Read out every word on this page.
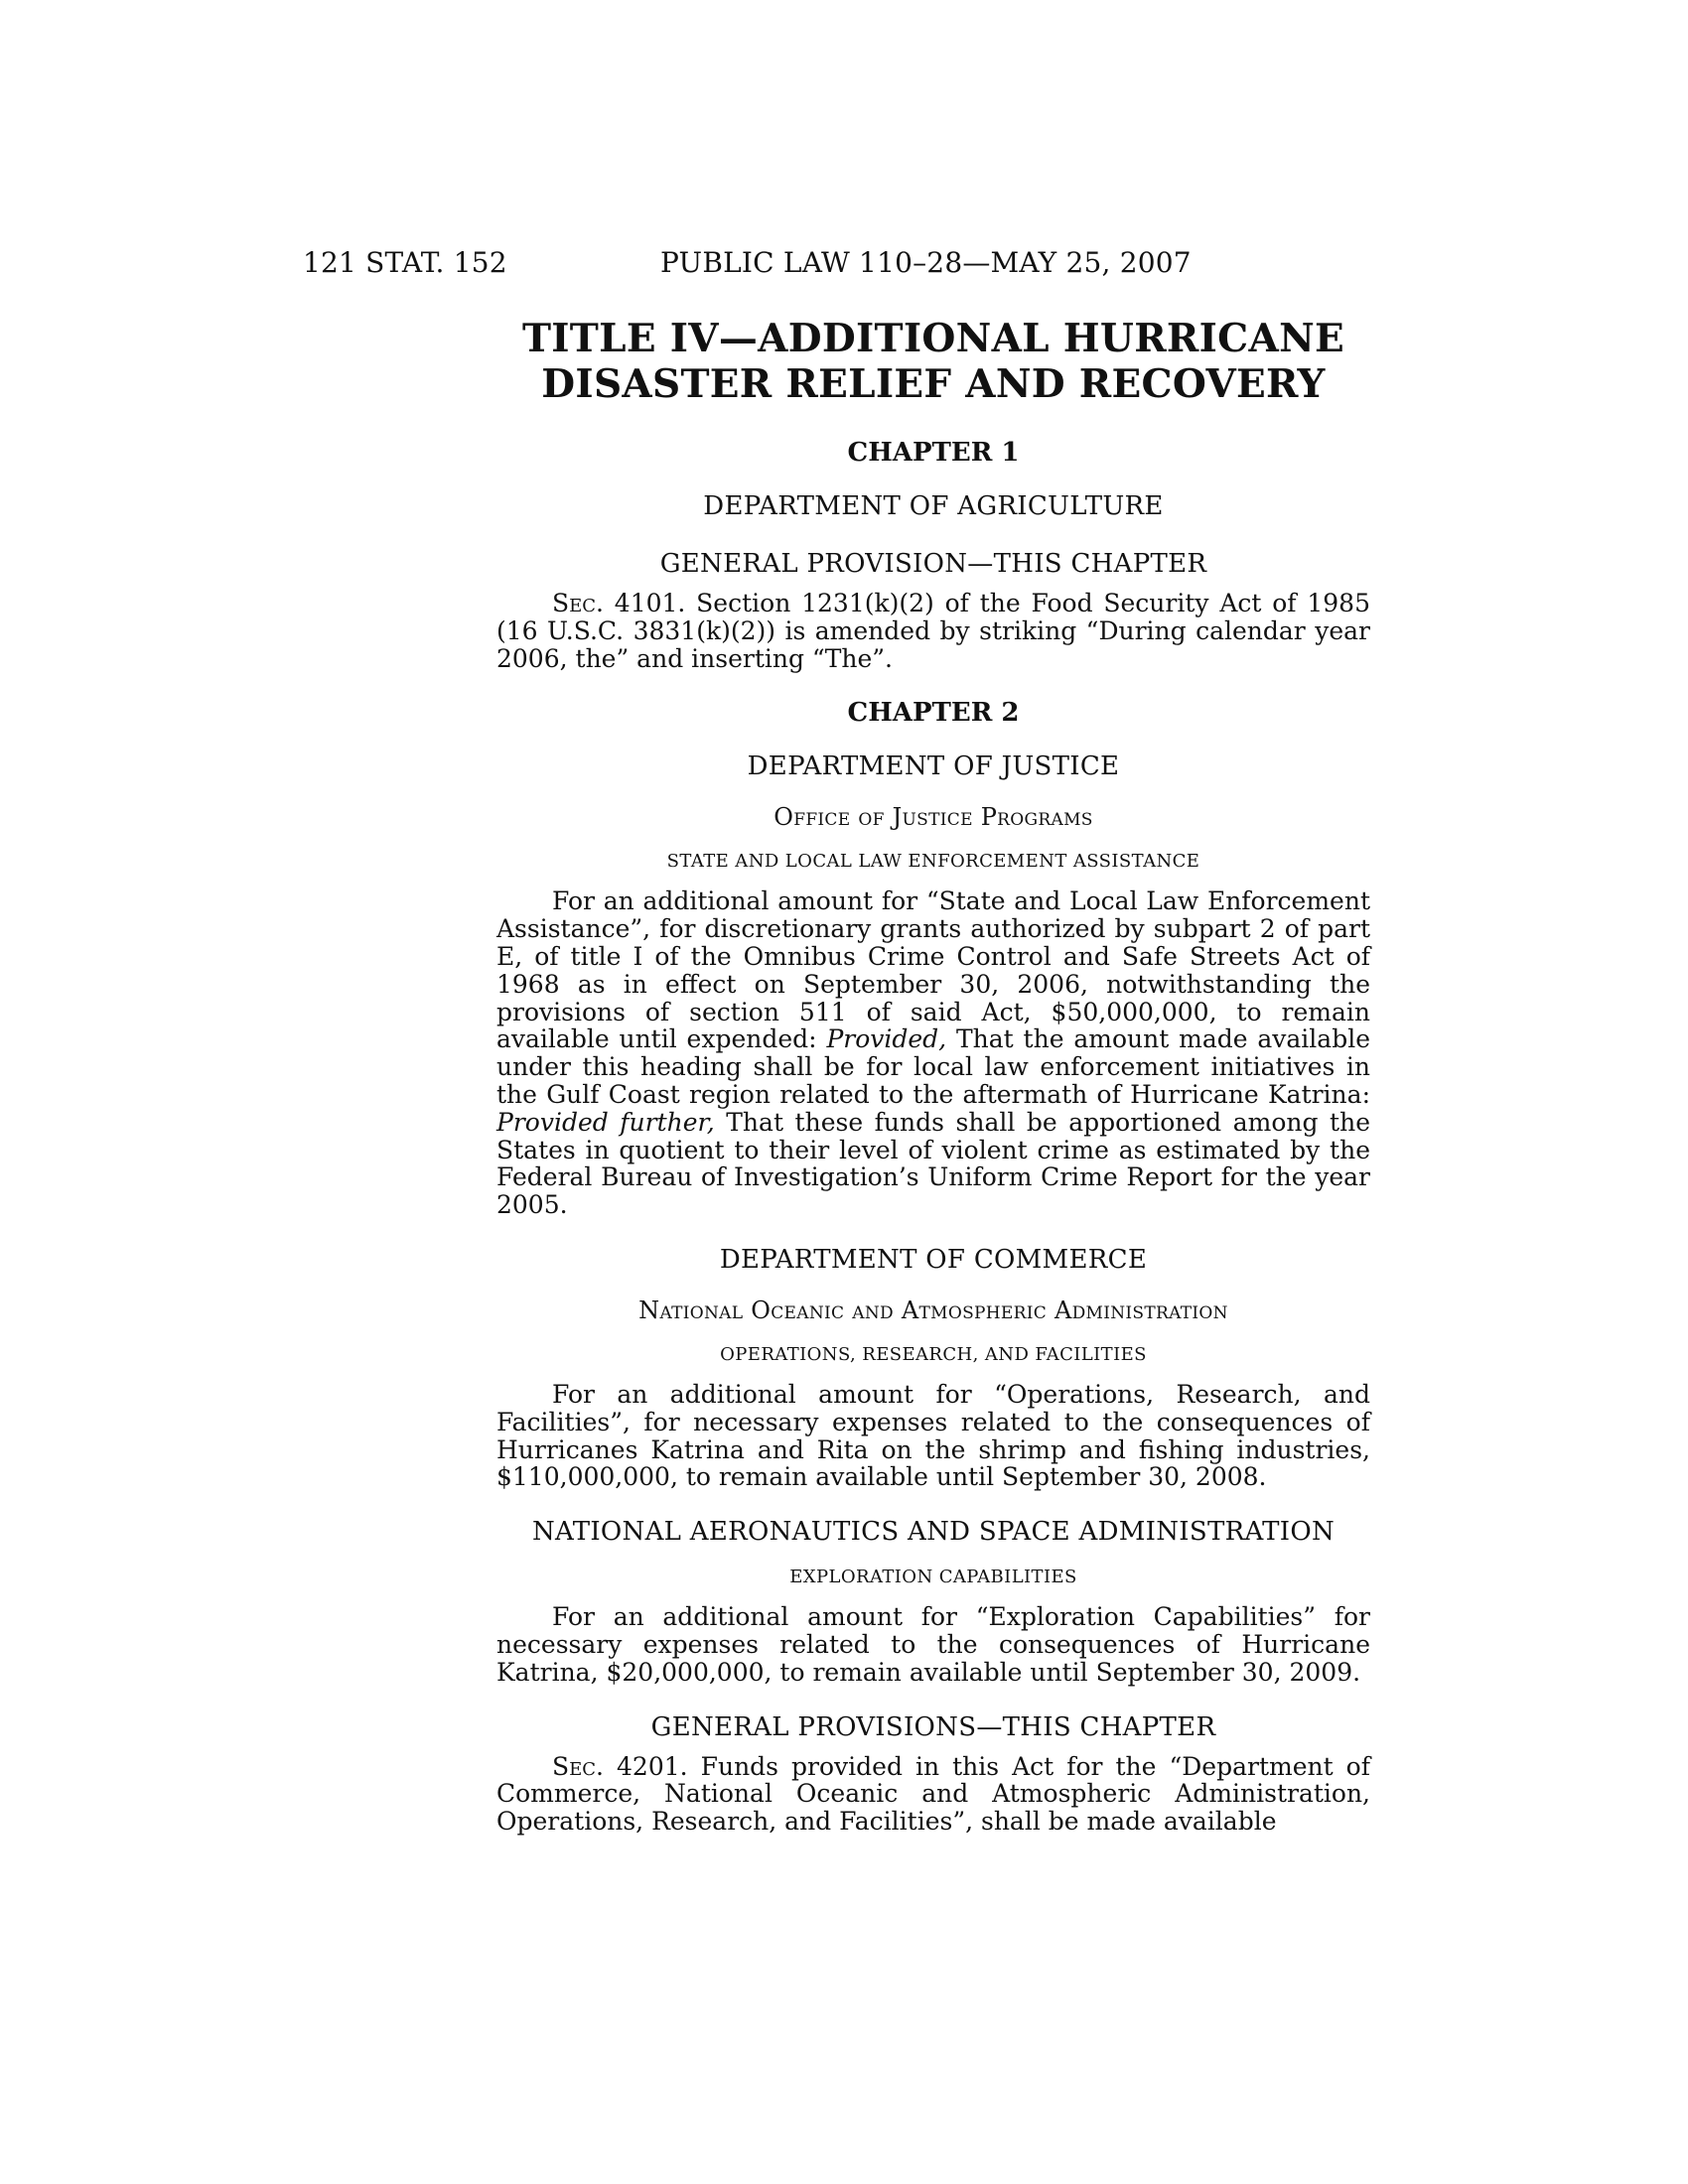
121 STAT. 152	PUBLIC LAW 110–28—MAY 25, 2007
TITLE IV—ADDITIONAL HURRICANE
DISASTER RELIEF AND RECOVERY
CHAPTER 1
DEPARTMENT OF AGRICULTURE
GENERAL PROVISION—THIS CHAPTER

Sec. 4101. Section 1231(k)(2) of the Food Security Act of 1985 (16 U.S.C. 3831(k)(2)) is amended by striking “During calendar year 2006, the” and inserting “The”.

CHAPTER 2
DEPARTMENT OF JUSTICE
Office of Justice Programs
STATE AND LOCAL LAW ENFORCEMENT ASSISTANCE

For an additional amount for “State and Local Law Enforcement Assistance”, for discretionary grants authorized by subpart 2 of part E, of title I of the Omnibus Crime Control and Safe Streets Act of 1968 as in effect on September 30, 2006, notwithstanding the provisions of section 511 of said Act, $50,000,000, to remain available until expended: Provided, That the amount made available under this heading shall be for local law enforcement initiatives in the Gulf Coast region related to the aftermath of Hurricane Katrina: Provided further, That these funds shall be apportioned among the States in quotient to their level of violent crime as estimated by the Federal Bureau of Investigation’s Uniform Crime Report for the year 2005.

DEPARTMENT OF COMMERCE
National Oceanic and Atmospheric Administration
OPERATIONS, RESEARCH, AND FACILITIES

For an additional amount for “Operations, Research, and Facilities”, for necessary expenses related to the consequences of Hurricanes Katrina and Rita on the shrimp and fishing industries, $110,000,000, to remain available until September 30, 2008.

NATIONAL AERONAUTICS AND SPACE ADMINISTRATION
EXPLORATION CAPABILITIES

For an additional amount for “Exploration Capabilities” for necessary expenses related to the consequences of Hurricane Katrina, $20,000,000, to remain available until September 30, 2009.

GENERAL PROVISIONS—THIS CHAPTER

Sec. 4201. Funds provided in this Act for the “Department of Commerce, National Oceanic and Atmospheric Administration, Operations, Research, and Facilities”, shall be made available
